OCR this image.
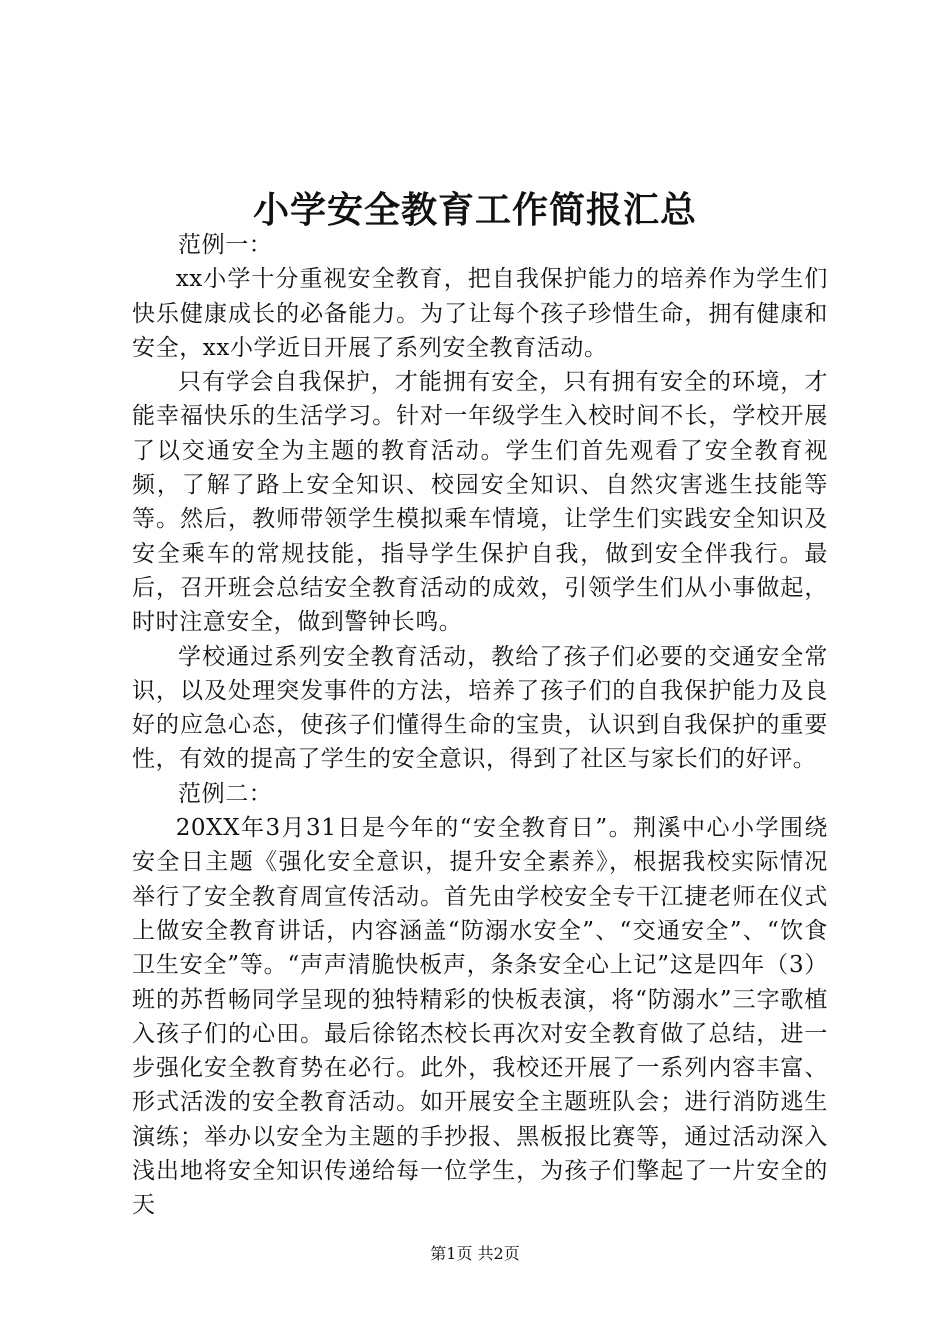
小学安全教育工作简报汇总

范例一：

xx小学十分重视安全教育，把自我保护能力的培养作为学生们快乐健康成长的必备能力。为了让每个孩子珍惜生命，拥有健康和安全，xx小学近日开展了系列安全教育活动。

只有学会自我保护，才能拥有安全，只有拥有安全的环境，才能幸福快乐的生活学习。针对一年级学生入校时间不长，学校开展了以交通安全为主题的教育活动。学生们首先观看了安全教育视频，了解了路上安全知识、校园安全知识、自然灾害逃生技能等等。然后，教师带领学生模拟乘车情境，让学生们实践安全知识及安全乘车的常规技能，指导学生保护自我，做到安全伴我行。最后，召开班会总结安全教育活动的成效，引领学生们从小事做起，时时注意安全，做到警钟长鸣。

学校通过系列安全教育活动，教给了孩子们必要的交通安全常识，以及处理突发事件的方法，培养了孩子们的自我保护能力及良好的应急心态，使孩子们懂得生命的宝贵，认识到自我保护的重要性，有效的提高了学生的安全意识，得到了社区与家长们的好评。

范例二：

20XX年3月31日是今年的“安全教育日”。荆溪中心小学围绕安全日主题《强化安全意识，提升安全素养》，根据我校实际情况举行了安全教育周宣传活动。首先由学校安全专干江捷老师在仪式上做安全教育讲话，内容涵盖“防溺水安全”、“交通安全”、“饮食卫生安全”等。“声声清脆快板声，条条安全心上记”这是四年（3）班的苏哲畅同学呈现的独特精彩的快板表演，将“防溺水”三字歌植入孩子们的心田。最后徐铭杰校长再次对安全教育做了总结，进一步强化安全教育势在必行。此外，我校还开展了一系列内容丰富、形式活泼的安全教育活动。如开展安全主题班队会；进行消防逃生演练；举办以安全为主题的手抄报、黑板报比赛等，通过活动深入浅出地将安全知识传递给每一位学生，为孩子们擎起了一片安全的天

第1页 共2页
